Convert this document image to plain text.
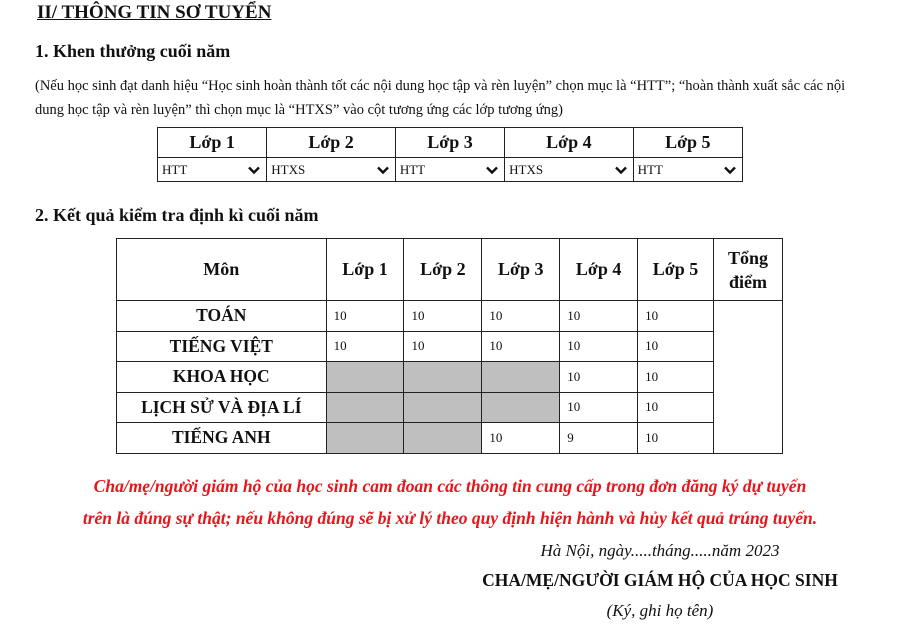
II/ THÔNG TIN SƠ TUYỂN
1. Khen thưởng cuối năm
(Nếu học sinh đạt danh hiệu “Học sinh hoàn thành tốt các nội dung học tập và rèn luyện” chọn mục là “HTT”; “hoàn thành xuất sắc các nội dung học tập và rèn luyện” thì chọn mục là “HTXS” vào cột tương ứng các lớp tương ứng)
Lớp 1	Lớp 2	Lớp 3	Lớp 4	Lớp 5

HTT	HTXS	HTT	HTXS	HTT
2. Kết quả kiểm tra định kì cuối năm
Môn	Lớp 1	Lớp 2	Lớp 3	Lớp 4	Lớp 5	Tổng điểm
TOÁN	10	10	10	10	10	
TIẾNG VIỆT	10	10	10	10	10	
KHOA HỌC				10	10	
LỊCH SỬ VÀ ĐỊA LÍ				10	10	
TIẾNG ANH			10	9	10	
Cha/mẹ/người giám hộ của học sinh cam đoan các thông tin cung cấp trong đơn đăng ký dự tuyển
trên là đúng sự thật; nếu không đúng sẽ bị xử lý theo quy định hiện hành và hủy kết quả trúng tuyển.
Hà Nội, ngày.....tháng.....năm 2023
CHA/MẸ/NGƯỜI GIÁM HỘ CỦA HỌC SINH
(Ký, ghi họ tên)
